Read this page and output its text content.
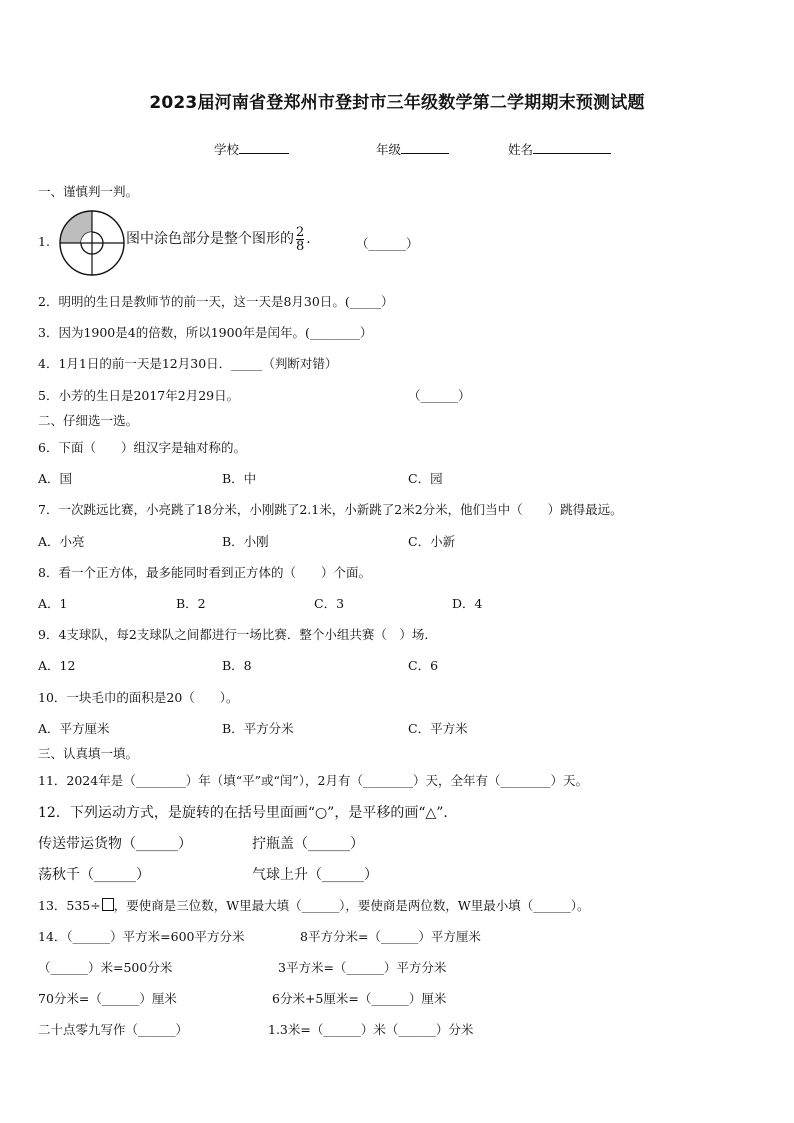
2023届河南省登郑州市登封市三年级数学第二学期期末预测试题
学校	年级	姓名
一、谨慎判一判。
1.	图中涂色部分是整个图形的 $\frac{2}{8}$ .	（______）
2．明明的生日是教师节的前一天，这一天是8月30日。(_____）
3．因为1900是4的倍数，所以1900年是闰年。(________）
4．1月1日的前一天是12月30日．_____（判断对错）
5．小芳的生日是2017年2月29日。	（______）
二、仔细选一选。
6．下面（　　）组汉字是轴对称的。
A．国	B．中	C．园
7．一次跳远比赛，小亮跳了18分米，小刚跳了2.1米，小新跳了2米2分米，他们当中（　　）跳得最远。
A．小亮	B．小刚	C．小新
8．看一个正方体，最多能同时看到正方体的（　　）个面。
A．1	B．2	C．3	D．4
9．4支球队，每2支球队之间都进行一场比赛．整个小组共赛（　）场．
A．12	B．8	C．6
10．一块毛巾的面积是20（　　）。
A．平方厘米	B．平方分米	C．平方米
三、认真填一填。
11．2024年是（________）年（填“平”或“闰”），2月有（________）天，全年有（________）天。
12．下列运动方式，是旋转的在括号里面画“○”，是平移的画“△”．
传送带运货物（______）	拧瓶盖（______）
荡秋千（______）	气球上升（______）
13．535÷ ，要使商是三位数，W里最大填（______），要使商是两位数，W里最小填（______）。
14．（______）平方米=600平方分米	8平方分米=（______）平方厘米
（______）米=500分米	3平方米=（______）平方分米
70分米=（______）厘米	6分米+5厘米=（______）厘米
二十点零九写作（______）	1.3米=（______）米（______）分米
